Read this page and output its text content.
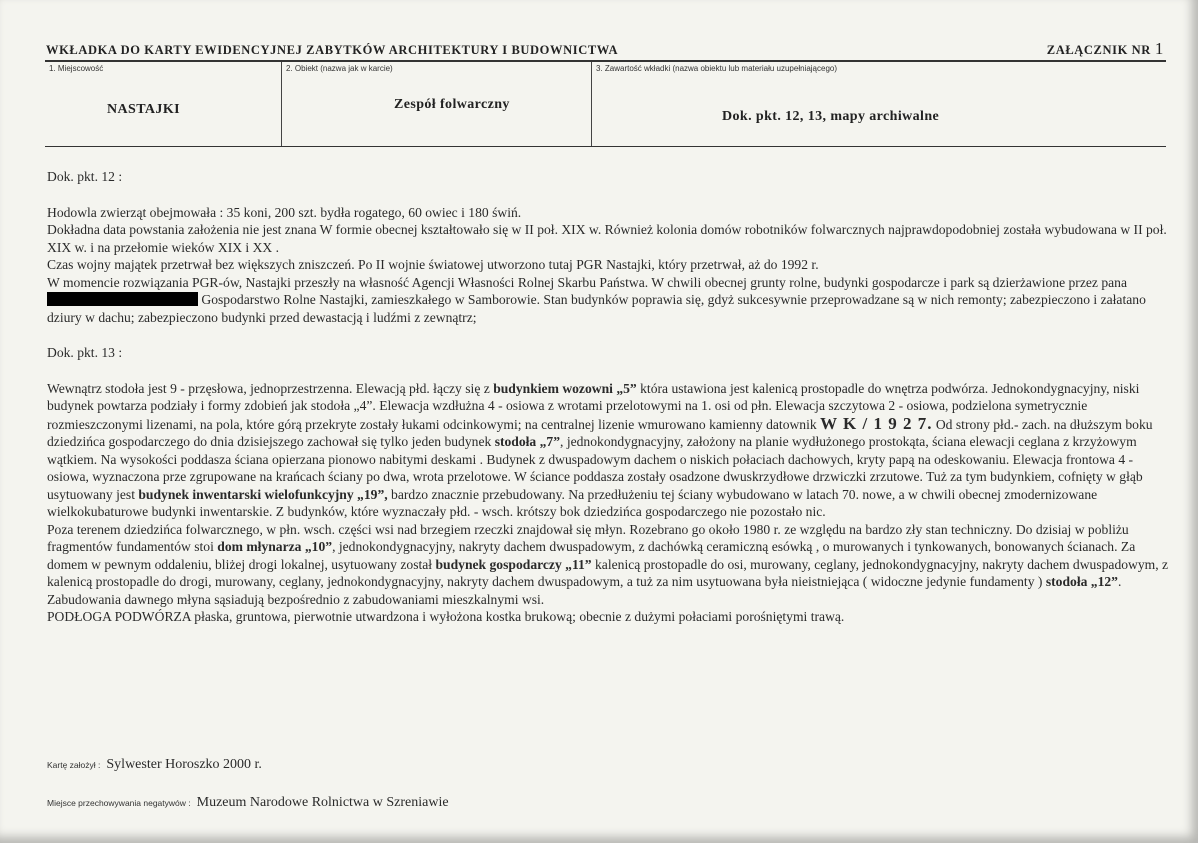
WKŁADKA DO KARTY EWIDENCYJNEJ ZABYTKÓW ARCHITEKTURY I BUDOWNICTWA	ZAŁĄCZNIK NR 1
1. Miejscowość
NASTAJKI
2. Obiekt (nazwa jak w karcie)
Zespół folwarczny
3. Zawartość wkładki (nazwa obiektu lub materiału uzupełniającego)
Dok. pkt. 12, 13, mapy archiwalne

Dok. pkt. 12 :

Hodowla zwierząt obejmowała : 35 koni, 200 szt. bydła rogatego, 60 owiec i 180 świń.

Dokładna data powstania założenia nie jest znana W formie obecnej kształtowało się w II poł. XIX w. Również kolonia domów robotników folwarcznych najprawdopodobniej została wybudowana w II poł. XIX w. i na przełomie wieków XIX i XX .

Czas wojny majątek przetrwał bez większych zniszczeń. Po II wojnie światowej utworzono tutaj PGR Nastajki, który przetrwał, aż do 1992 r.

W momencie rozwiązania PGR-ów, Nastajki przeszły na własność Agencji Własności Rolnej Skarbu Państwa. W chwili obecnej grunty rolne, budynki gospodarcze i park są dzierżawione przez pana  Gospodarstwo Rolne Nastajki, zamieszkałego w Samborowie. Stan budynków poprawia się, gdyż sukcesywnie przeprowadzane są w nich remonty; zabezpieczono i załatano dziury w dachu; zabezpieczono budynki przed dewastacją i ludźmi z zewnątrz;

Dok. pkt. 13 :

Wewnątrz stodoła jest 9 - przęsłowa, jednoprzestrzenna. Elewacją płd. łączy się z budynkiem wozowni „5” która ustawiona jest kalenicą prostopadle do wnętrza podwórza. Jednokondygnacyjny, niski budynek powtarza podziały i formy zdobień jak stodoła „4”. Elewacja wzdłużna 4 - osiowa z wrotami przelotowymi na 1. osi od płn. Elewacja szczytowa 2 - osiowa, podzielona symetrycznie rozmieszczonymi lizenami, na pola, które górą przekryte zostały łukami odcinkowymi; na centralnej lizenie wmurowano kamienny datownik W K / 1 9 2 7. Od strony płd.- zach. na dłuższym boku dziedzińca gospodarczego do dnia dzisiejszego zachował się tylko jeden budynek stodoła „7”, jednokondygnacyjny, założony na planie wydłużonego prostokąta, ściana elewacji ceglana z krzyżowym wątkiem. Na wysokości poddasza ściana opierzana pionowo nabitymi deskami . Budynek z dwuspadowym dachem o niskich połaciach dachowych, kryty papą na odeskowaniu. Elewacja frontowa 4 - osiowa, wyznaczona prze zgrupowane na krańcach ściany po dwa, wrota przelotowe. W ściance poddasza zostały osadzone dwuskrzydłowe drzwiczki zrzutowe. Tuż za tym budynkiem, cofnięty w głąb usytuowany jest budynek inwentarski wielofunkcyjny „19”, bardzo znacznie przebudowany. Na przedłużeniu tej ściany wybudowano w latach 70. nowe, a w chwili obecnej zmodernizowane wielkokubaturowe budynki inwentarskie. Z budynków, które wyznaczały płd. - wsch. krótszy bok dziedzińca gospodarczego nie pozostało nic.

Poza terenem dziedzińca folwarcznego, w płn. wsch. części wsi nad brzegiem rzeczki znajdował się młyn. Rozebrano go około 1980 r. ze względu na bardzo zły stan techniczny. Do dzisiaj w pobliżu fragmentów fundamentów stoi dom młynarza „10”, jednokondygnacyjny, nakryty dachem dwuspadowym, z dachówką ceramiczną esówką , o murowanych i tynkowanych, bonowanych ścianach. Za domem w pewnym oddaleniu, bliżej drogi lokalnej, usytuowany został budynek gospodarczy „11” kalenicą prostopadle do osi, murowany, ceglany, jednokondygnacyjny, nakryty dachem dwuspadowym, z kalenicą prostopadle do drogi, murowany, ceglany, jednokondygnacyjny, nakryty dachem dwuspadowym, a tuż za nim usytuowana była nieistniejąca ( widoczne jedynie fundamenty ) stodoła „12”. Zabudowania dawnego młyna sąsiadują bezpośrednio z zabudowaniami mieszkalnymi wsi.

PODŁOGA PODWÓRZA płaska, gruntowa, pierwotnie utwardzona i wyłożona kostka brukową; obecnie z dużymi połaciami porośniętymi trawą.

Kartę założył : Sylwester Horoszko 2000 r.
Miejsce przechowywania negatywów : Muzeum Narodowe Rolnictwa w Szreniawie
